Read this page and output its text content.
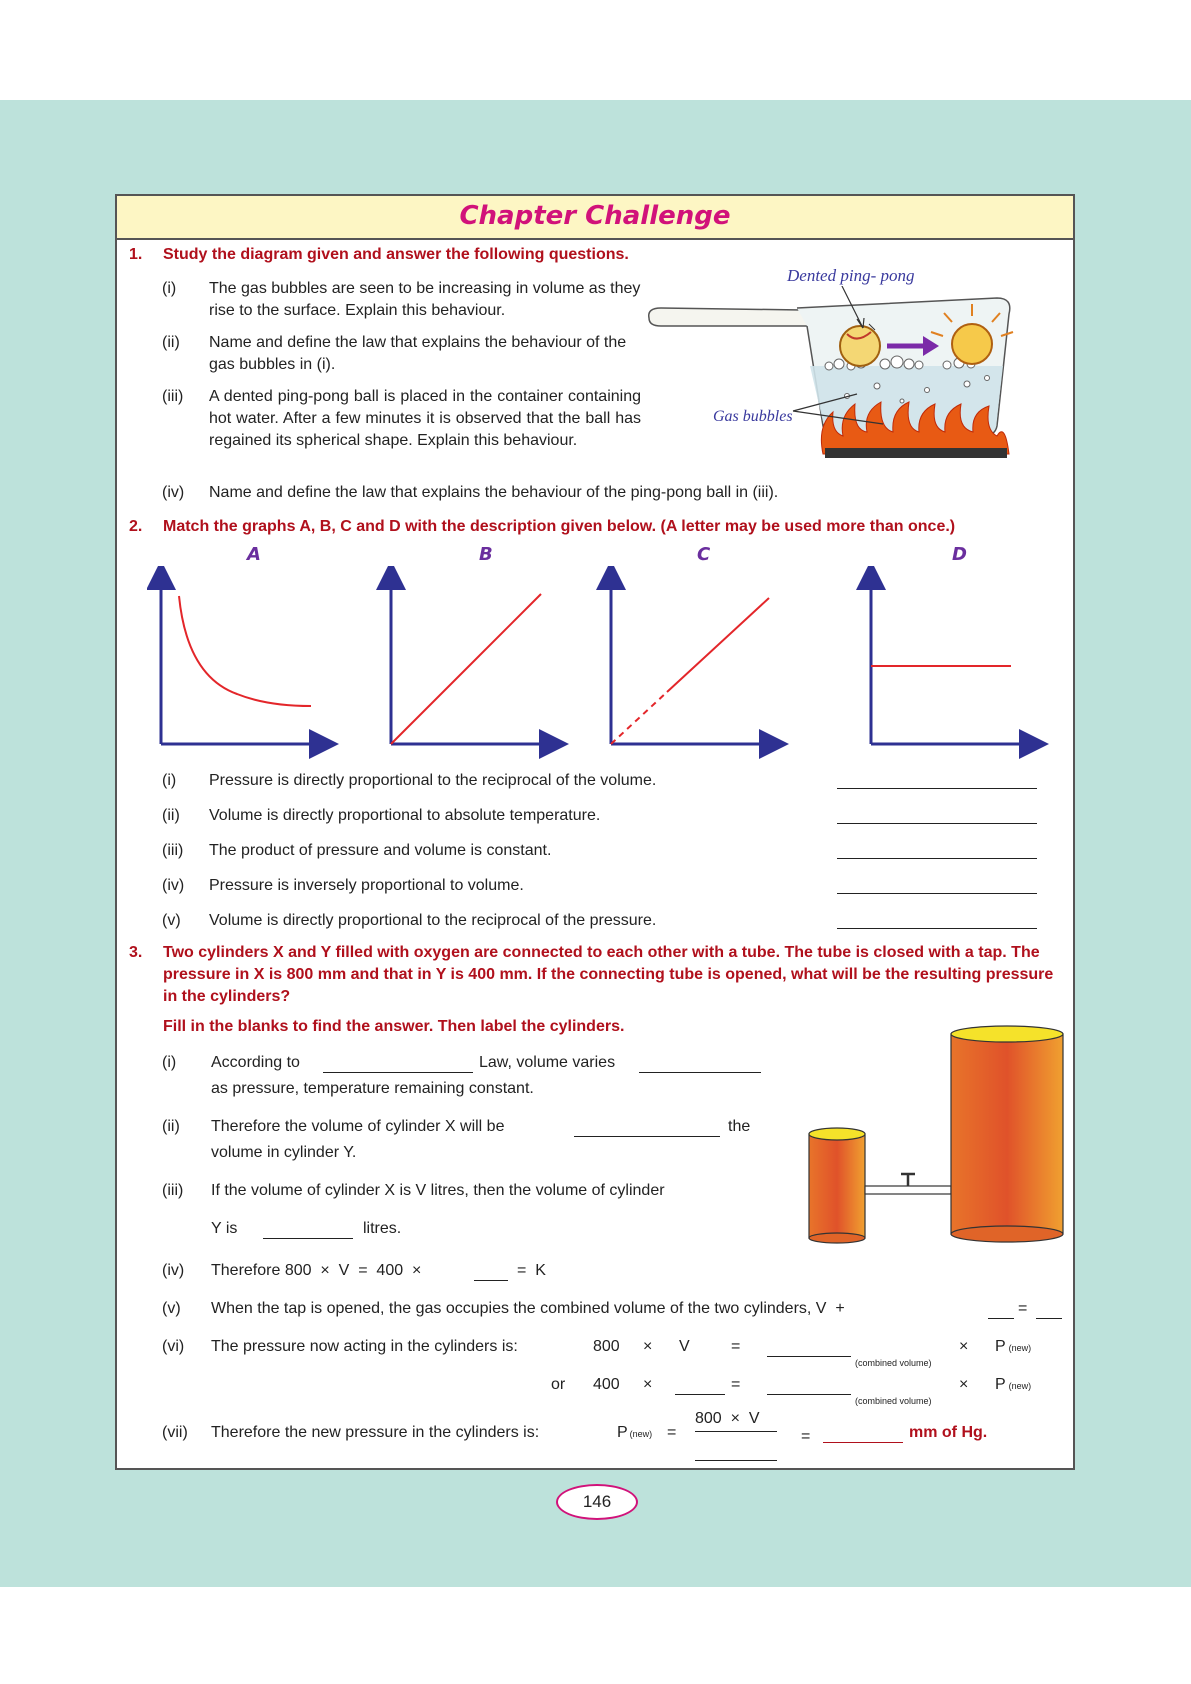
Chapter Challenge
1. Study the diagram given and answer the following questions.
(i) The gas bubbles are seen to be increasing in volume as they rise to the surface. Explain this behaviour.
(ii) Name and define the law that explains the behaviour of the gas bubbles in (i).
(iii) A dented ping-pong ball is placed in the container containing hot water. After a few minutes it is observed that the ball has regained its spherical shape. Explain this behaviour.
(iv) Name and define the law that explains the behaviour of the ping-pong ball in (iii).
Dented ping- pong
Gas bubbles
2. Match the graphs A, B, C and D with the description given below. (A letter may be used more than once.)
A	B	C	D
(i) Pressure is directly proportional to the reciprocal of the volume.
(ii) Volume is directly proportional to absolute temperature.
(iii) The product of pressure and volume is constant.
(iv) Pressure is inversely proportional to volume.
(v) Volume is directly proportional to the reciprocal of the pressure.
3. Two cylinders X and Y filled with oxygen are connected to each other with a tube. The tube is closed with a tap. The pressure in X is 800 mm and that in Y is 400 mm. If the connecting tube is opened, what will be the resulting pressure in the cylinders?
Fill in the blanks to find the answer. Then label the cylinders.
(i) According to	Law, volume varies
as pressure, temperature remaining constant.
(ii) Therefore the volume of cylinder X will be	the
volume in cylinder Y.
(iii) If the volume of cylinder X is V litres, then the volume of cylinder
Y is	litres.
(iv) Therefore 800  ×  V  =  400  ×	=  K
(v) When the tap is opened, the gas occupies the combined volume of the two cylinders, V  +	=
(vi) The pressure now acting in the cylinders is:	800 × V	=
(combined volume)
× P (new)
or 400 ×	=
(combined volume)
× P (new)
(vii) Therefore the new pressure in the cylinders is:	P (new) =
800  ×  V
=	mm of Hg.
146
